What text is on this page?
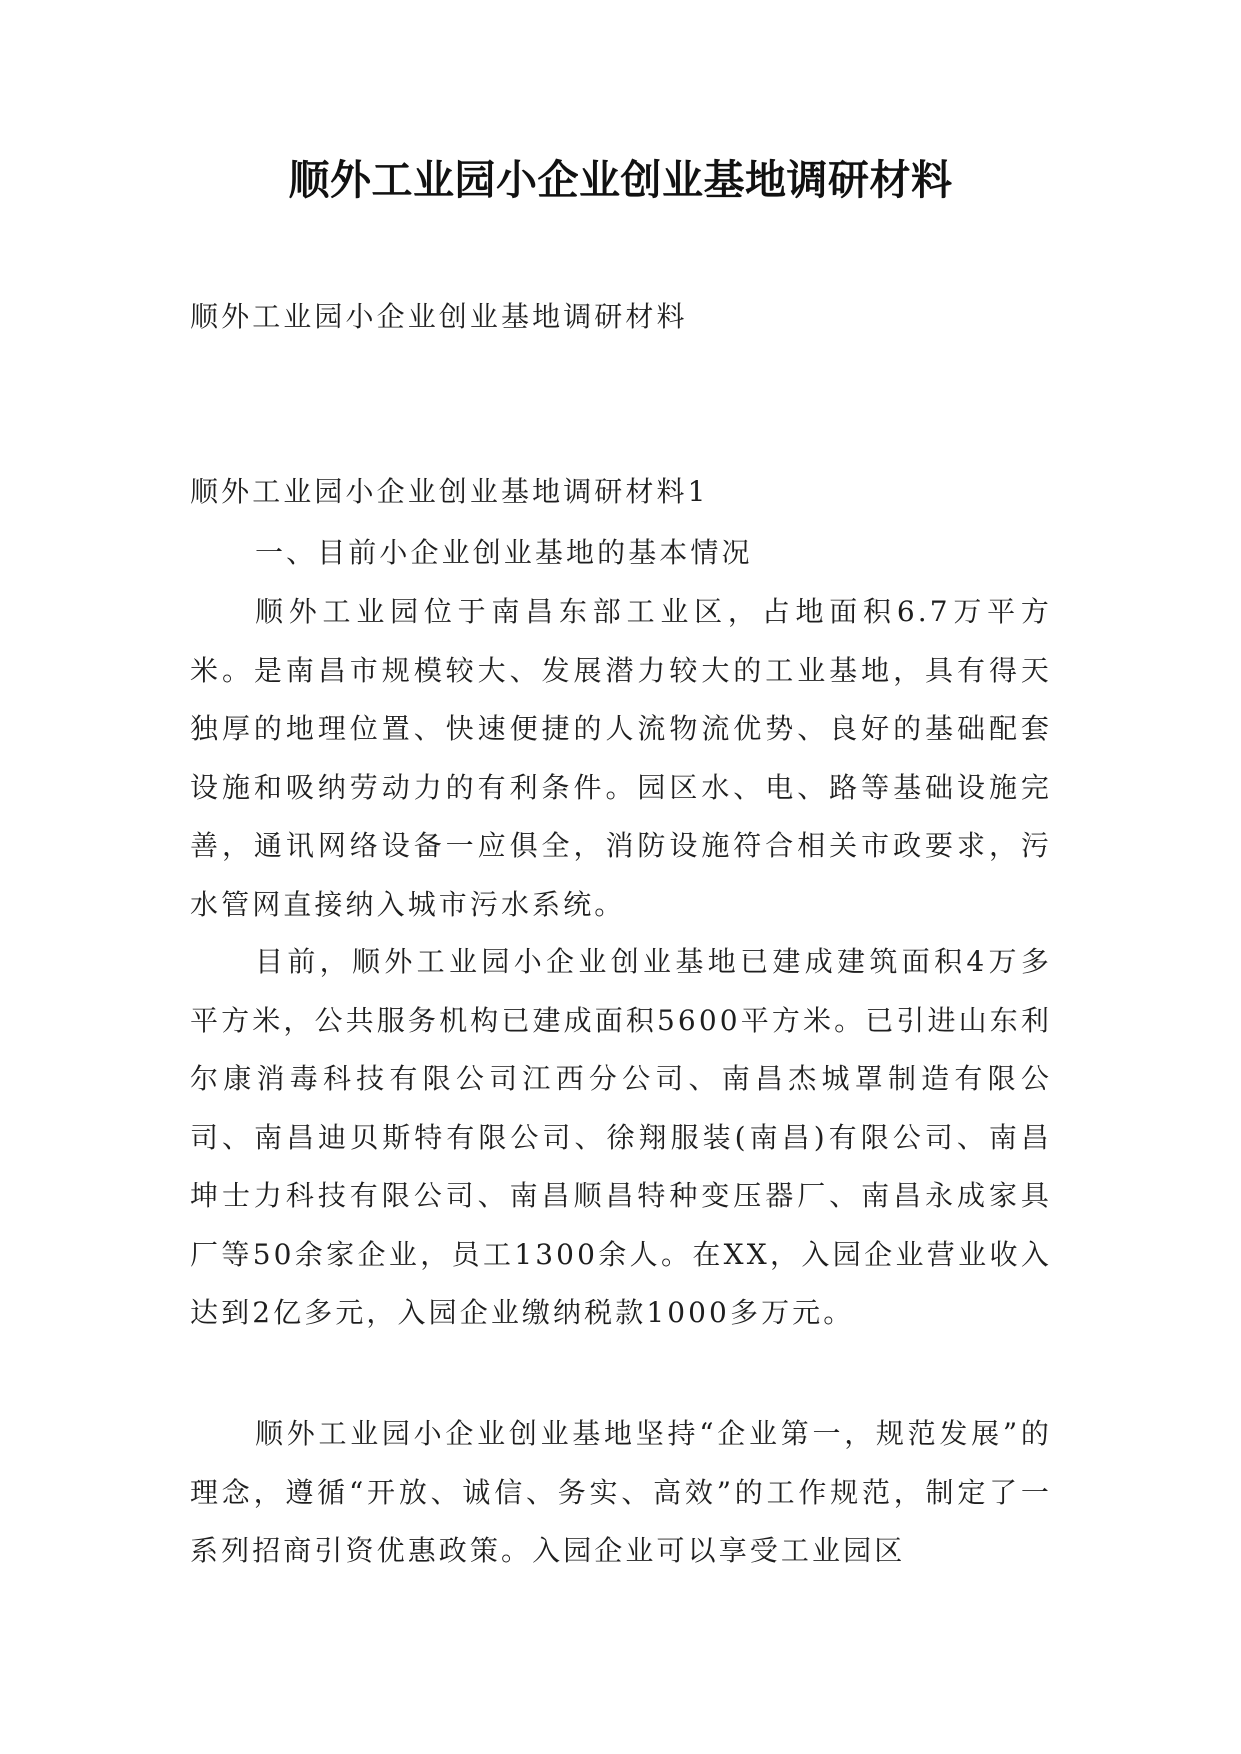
顺外工业园小企业创业基地调研材料
顺外工业园小企业创业基地调研材料
顺外工业园小企业创业基地调研材料1
一、目前小企业创业基地的基本情况
顺外工业园位于南昌东部工业区，占地面积6.7万平方米。是南昌市规模较大、发展潜力较大的工业基地，具有得天独厚的地理位置、快速便捷的人流物流优势、良好的基础配套设施和吸纳劳动力的有利条件。园区水、电、路等基础设施完善，通讯网络设备一应俱全，消防设施符合相关市政要求，污水管网直接纳入城市污水系统。
目前，顺外工业园小企业创业基地已建成建筑面积4万多平方米，公共服务机构已建成面积5600平方米。已引进山东利尔康消毒科技有限公司江西分公司、南昌杰城罩制造有限公司、南昌迪贝斯特有限公司、徐翔服装(南昌)有限公司、南昌坤士力科技有限公司、南昌顺昌特种变压器厂、南昌永成家具厂等50余家企业，员工1300余人。在XX，入园企业营业收入达到2亿多元，入园企业缴纳税款1000多万元。
顺外工业园小企业创业基地坚持“企业第一，规范发展”的理念，遵循“开放、诚信、务实、高效”的工作规范，制定了一系列招商引资优惠政策。入园企业可以享受工业园区
